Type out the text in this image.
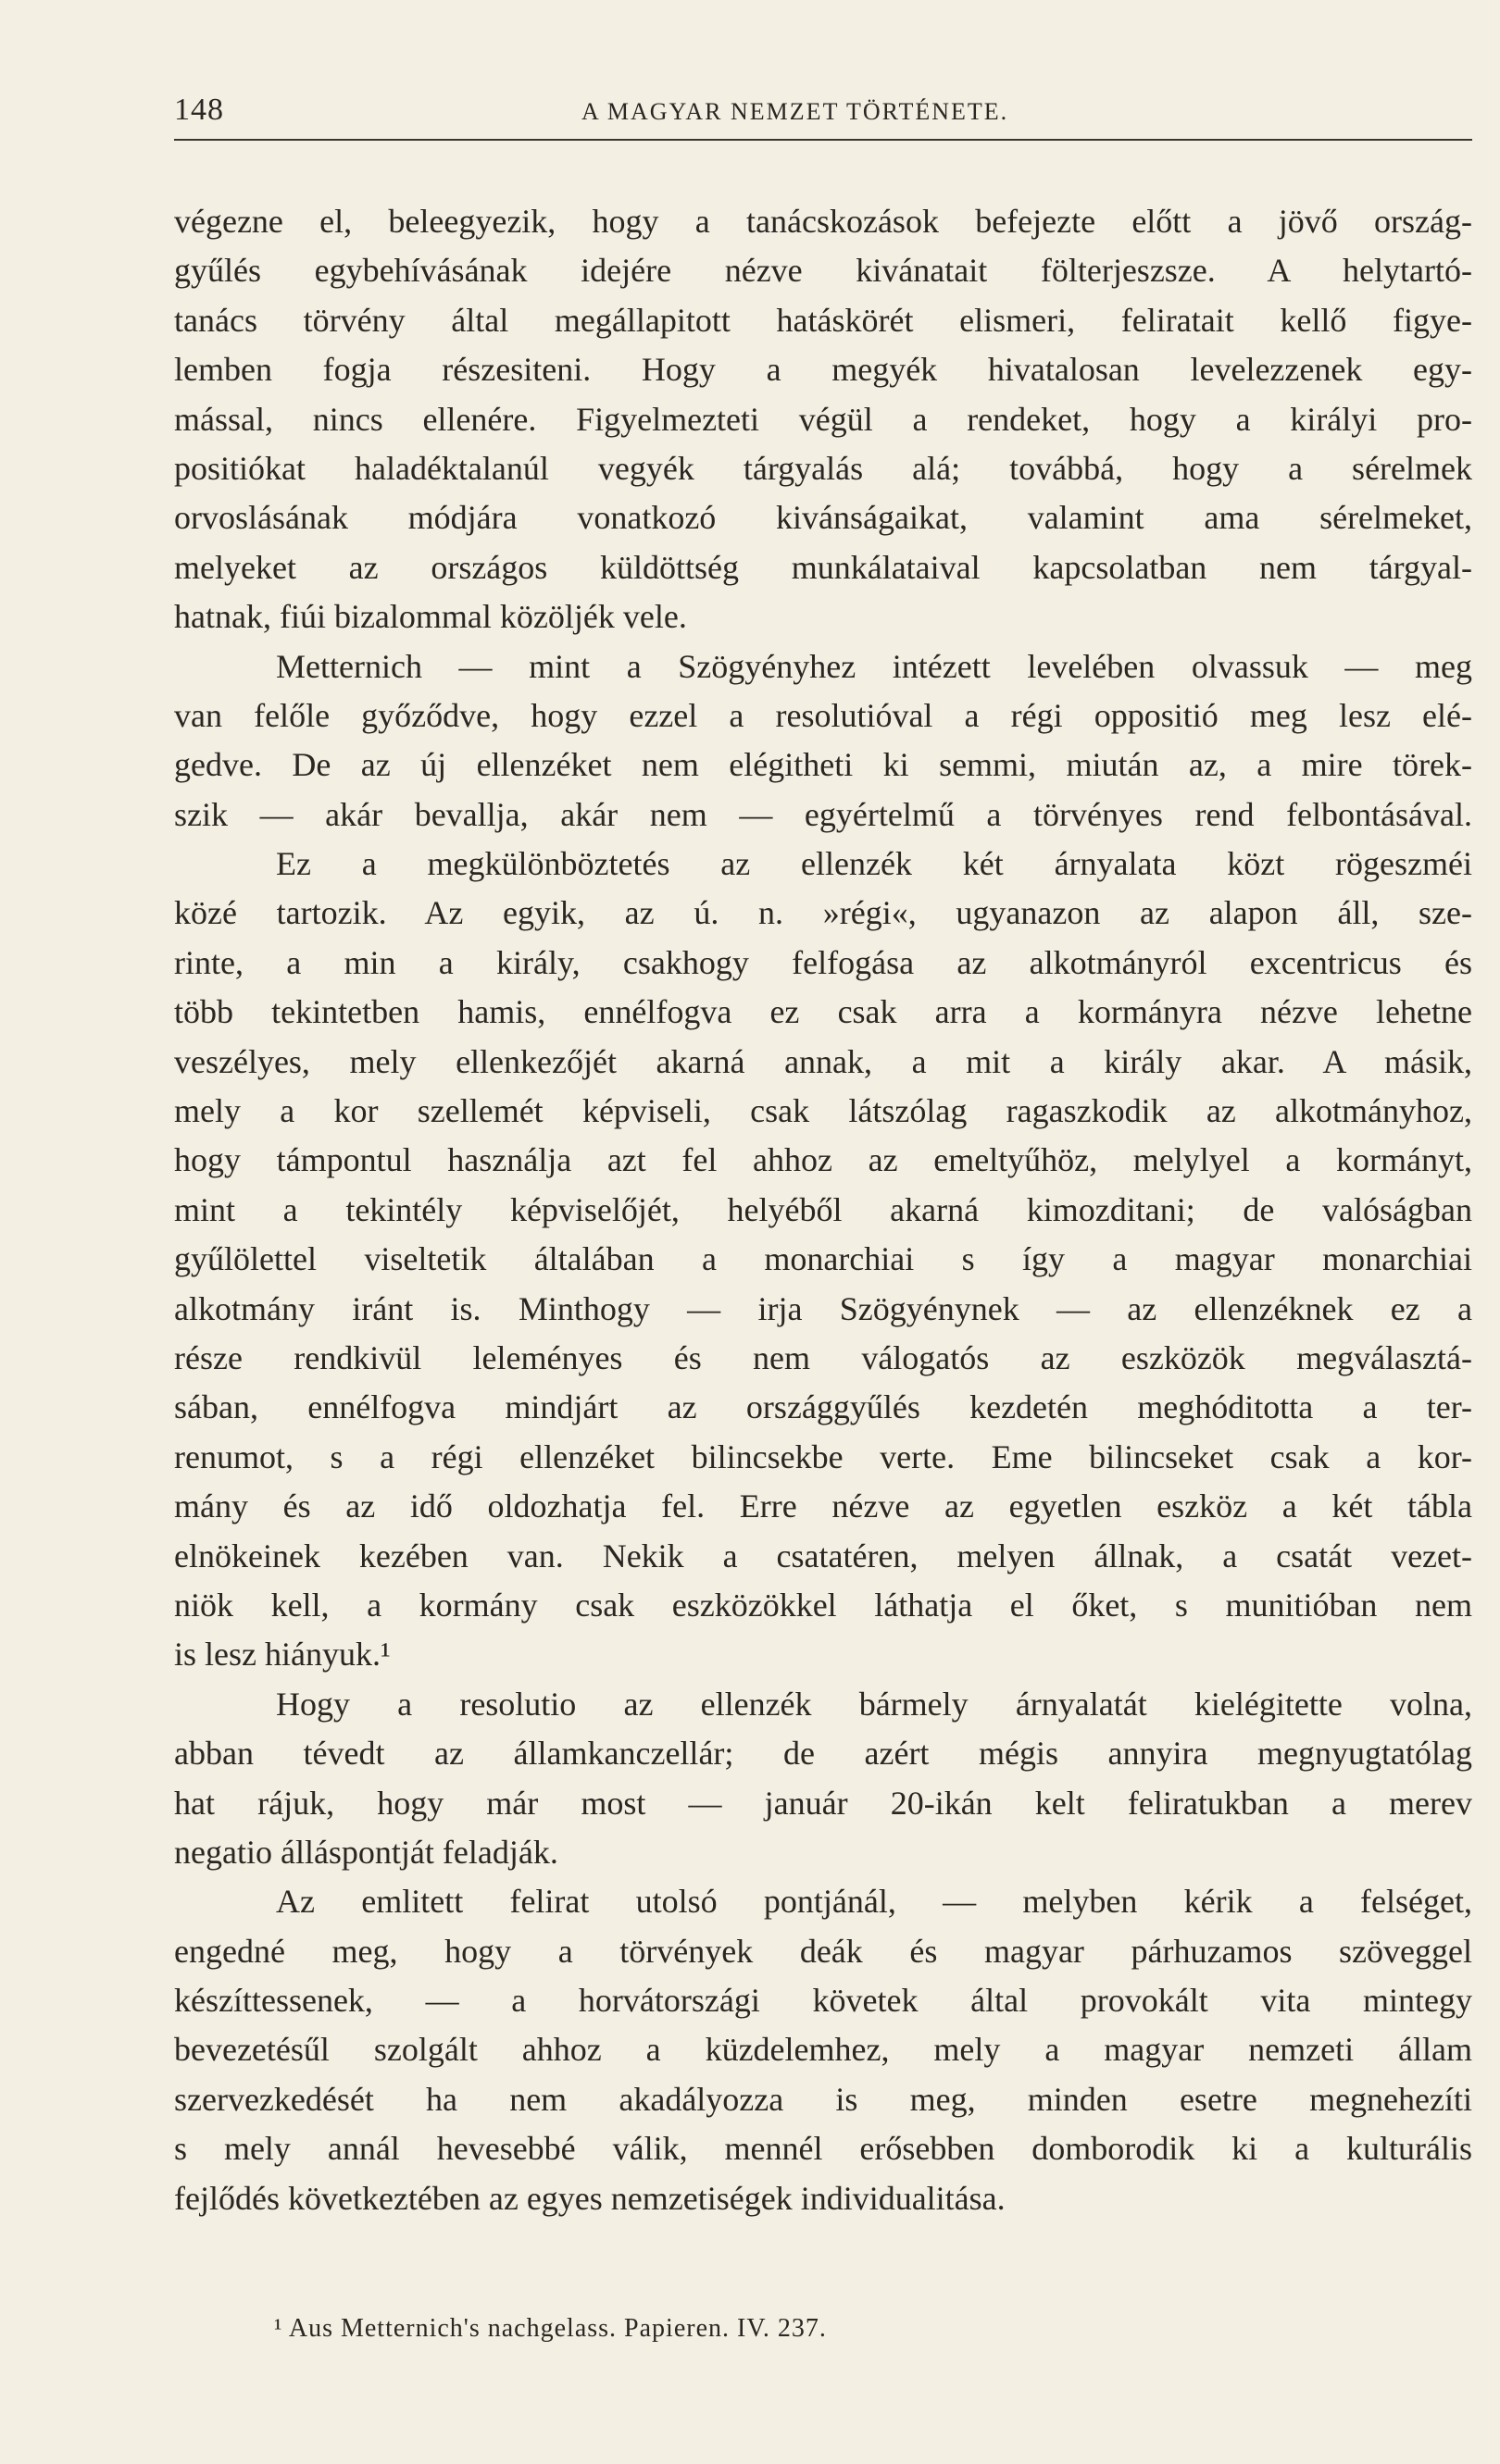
148	A MAGYAR NEMZET TÖRTÉNETE.
végezne el, beleegyezik, hogy a tanácskozások befejezte előtt a jövő ország-
gyűlés egybehívásának idejére nézve kivánatait fölterjeszsze. A helytartó-
tanács törvény által megállapitott hatáskörét elismeri, feliratait kellő figye-
lemben fogja részesiteni. Hogy a megyék hivatalosan levelezzenek egy-
mással, nincs ellenére. Figyelmezteti végül a rendeket, hogy a királyi pro-
positiókat haladéktalanúl vegyék tárgyalás alá; továbbá, hogy a sérelmek
orvoslásának módjára vonatkozó kivánságaikat, valamint ama sérelmeket,
melyeket az országos küldöttség munkálataival kapcsolatban nem tárgyal-
hatnak, fiúi bizalommal közöljék vele.
Metternich — mint a Szögyényhez intézett levelében olvassuk — meg
van felőle győződve, hogy ezzel a resolutióval a régi oppositió meg lesz elé-
gedve. De az új ellenzéket nem elégitheti ki semmi, miután az, a mire törek-
szik — akár bevallja, akár nem — egyértelmű a törvényes rend felbontásával.
Ez a megkülönböztetés az ellenzék két árnyalata közt rögeszméi
közé tartozik. Az egyik, az ú. n. »régi«, ugyanazon az alapon áll, sze-
rinte, a min a király, csakhogy felfogása az alkotmányról excentricus és
több tekintetben hamis, ennélfogva ez csak arra a kormányra nézve lehetne
veszélyes, mely ellenkezőjét akarná annak, a mit a király akar. A másik,
mely a kor szellemét képviseli, csak látszólag ragaszkodik az alkotmányhoz,
hogy támpontul használja azt fel ahhoz az emeltyűhöz, melylyel a kormányt,
mint a tekintély képviselőjét, helyéből akarná kimozditani; de valóságban
gyűlölettel viseltetik általában a monarchiai s így a magyar monarchiai
alkotmány iránt is. Minthogy — irja Szögyénynek — az ellenzéknek ez a
része rendkivül leleményes és nem válogatós az eszközök megválasztá-
sában, ennélfogva mindjárt az országgyűlés kezdetén meghóditotta a ter-
renumot, s a régi ellenzéket bilincsekbe verte. Eme bilincseket csak a kor-
mány és az idő oldozhatja fel. Erre nézve az egyetlen eszköz a két tábla
elnökeinek kezében van. Nekik a csatatéren, melyen állnak, a csatát vezet-
niök kell, a kormány csak eszközökkel láthatja el őket, s munitióban nem
is lesz hiányuk.¹
Hogy a resolutio az ellenzék bármely árnyalatát kielégitette volna,
abban tévedt az államkanczellár; de azért mégis annyira megnyugtatólag
hat rájuk, hogy már most — január 20-ikán kelt feliratukban a merev
negatio álláspontját feladják.
Az emlitett felirat utolsó pontjánál, — melyben kérik a felséget,
engedné meg, hogy a törvények deák és magyar párhuzamos szöveggel
készíttessenek, — a horvátországi követek által provokált vita mintegy
bevezetésűl szolgált ahhoz a küzdelemhez, mely a magyar nemzeti állam
szervezkedését ha nem akadályozza is meg, minden esetre megnehezíti
s mely annál hevesebbé válik, mennél erősebben domborodik ki a kulturális
fejlődés következtében az egyes nemzetiségek individualitása.
¹ Aus Metternich's nachgelass. Papieren. IV. 237.
